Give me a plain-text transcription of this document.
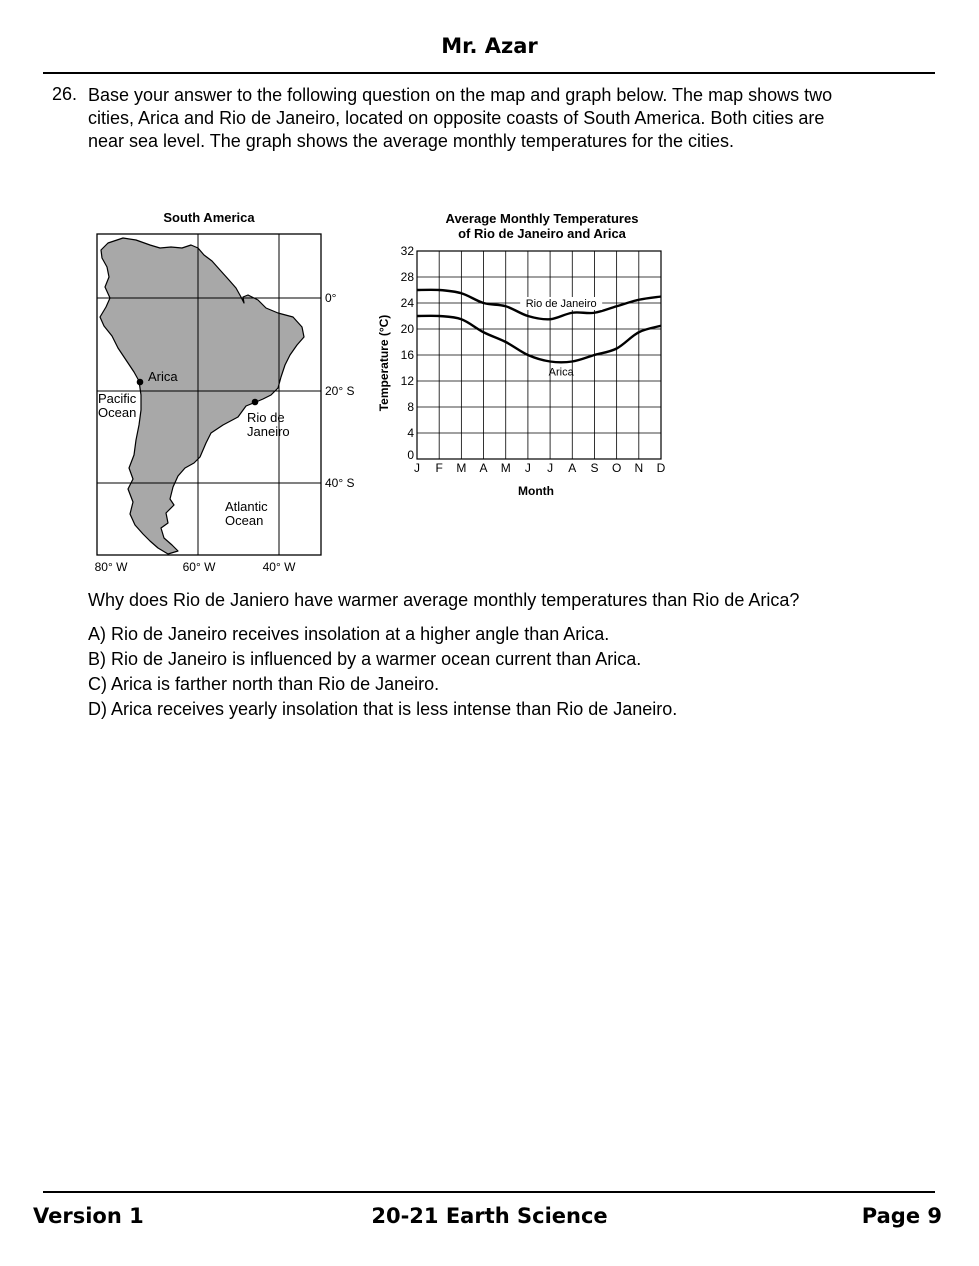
Mr. Azar
26. Base your answer to the following question on the map and graph below. The map shows two cities, Arica and Rio de Janeiro, located on opposite coasts of South America. Both cities are near sea level. The graph shows the average monthly temperatures for the cities.
South America
Arica
Rio de
Janeiro
Pacific
Ocean
Atlantic
Ocean
0°
20° S
40° S
80° W	60° W	40° W
Average Monthly Temperatures
of Rio de Janeiro and Arica
0
4
8
12
16
20
24
28
32
J F M A M J J A S O N D
Rio de Janeiro
Arica
Month
Temperature (°C)
Why does Rio de Janiero have warmer average monthly temperatures than Rio de Arica?
A) Rio de Janeiro receives insolation at a higher angle than Arica.
B) Rio de Janeiro is influenced by a warmer ocean current than Arica.
C) Arica is farther north than Rio de Janeiro.
D) Arica receives yearly insolation that is less intense than Rio de Janeiro.
Version 1	20-21 Earth Science	Page 9
